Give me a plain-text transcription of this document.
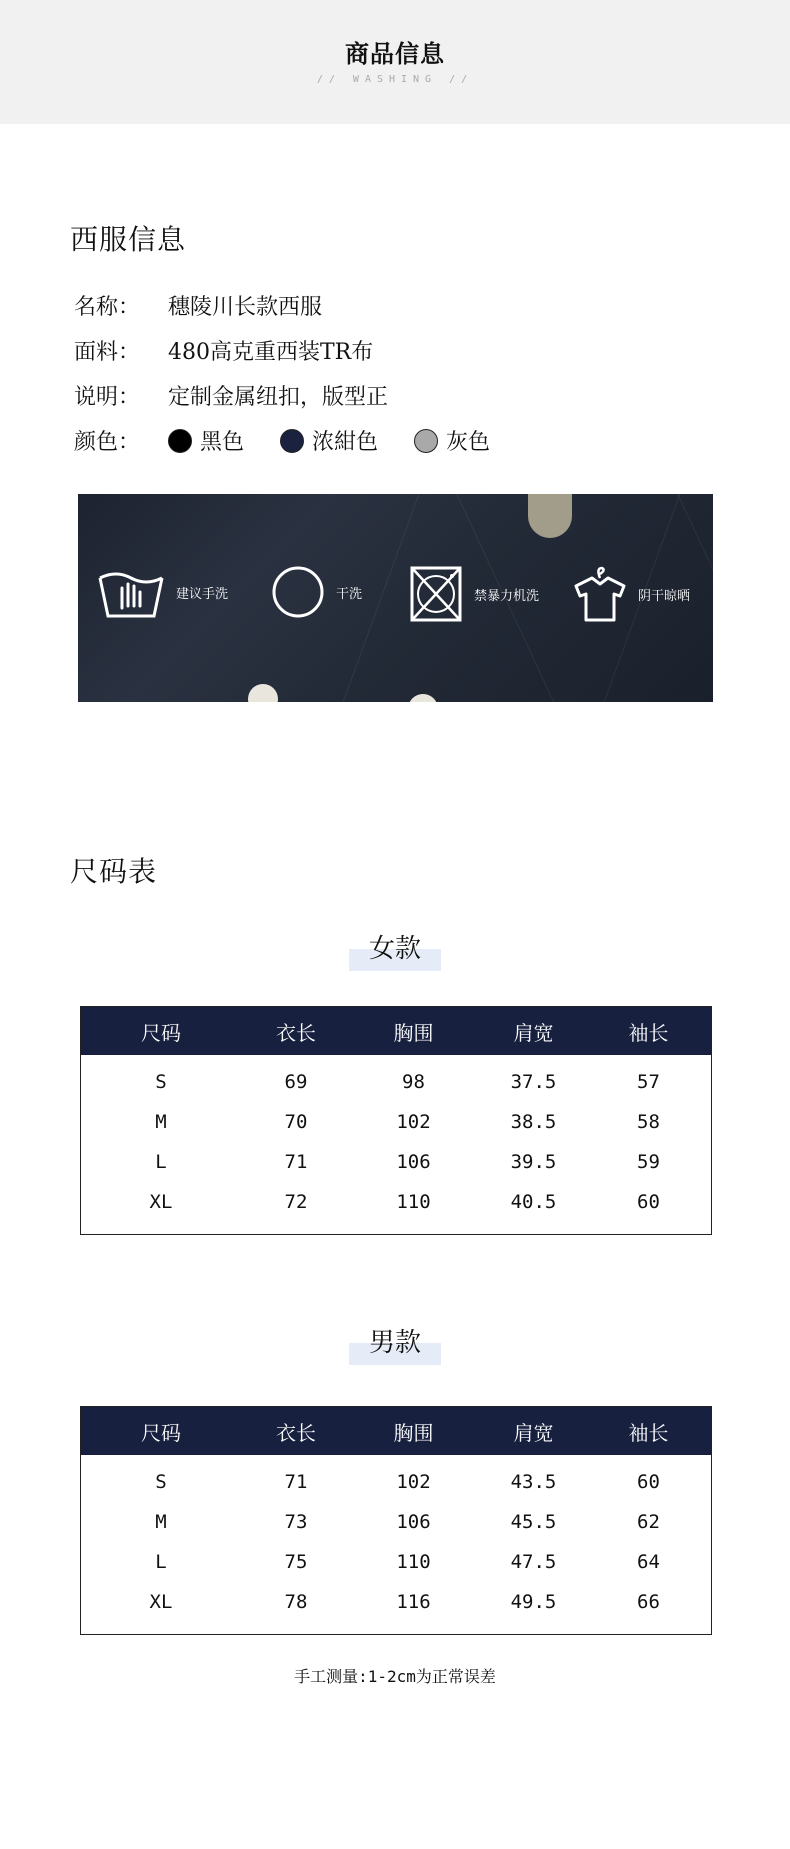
商品信息
// WASHING //
西服信息
名称： 穗陵川长款西服
面料： 480高克重西装TR布
说明： 定制金属纽扣，版型正
颜色：	黑色	浓紺色	灰色
建议手洗	干洗	禁暴力机洗	阴干晾晒
尺码表
女款
尺码	衣长	胸围	肩宽	袖长
S	69	98	37.5	57
M	70	102	38.5	58
L	71	106	39.5	59
XL	72	110	40.5	60
男款
尺码	衣长	胸围	肩宽	袖长
S	71	102	43.5	60
M	73	106	45.5	62
L	75	110	47.5	64
XL	78	116	49.5	66
手工测量:1-2cm为正常误差
